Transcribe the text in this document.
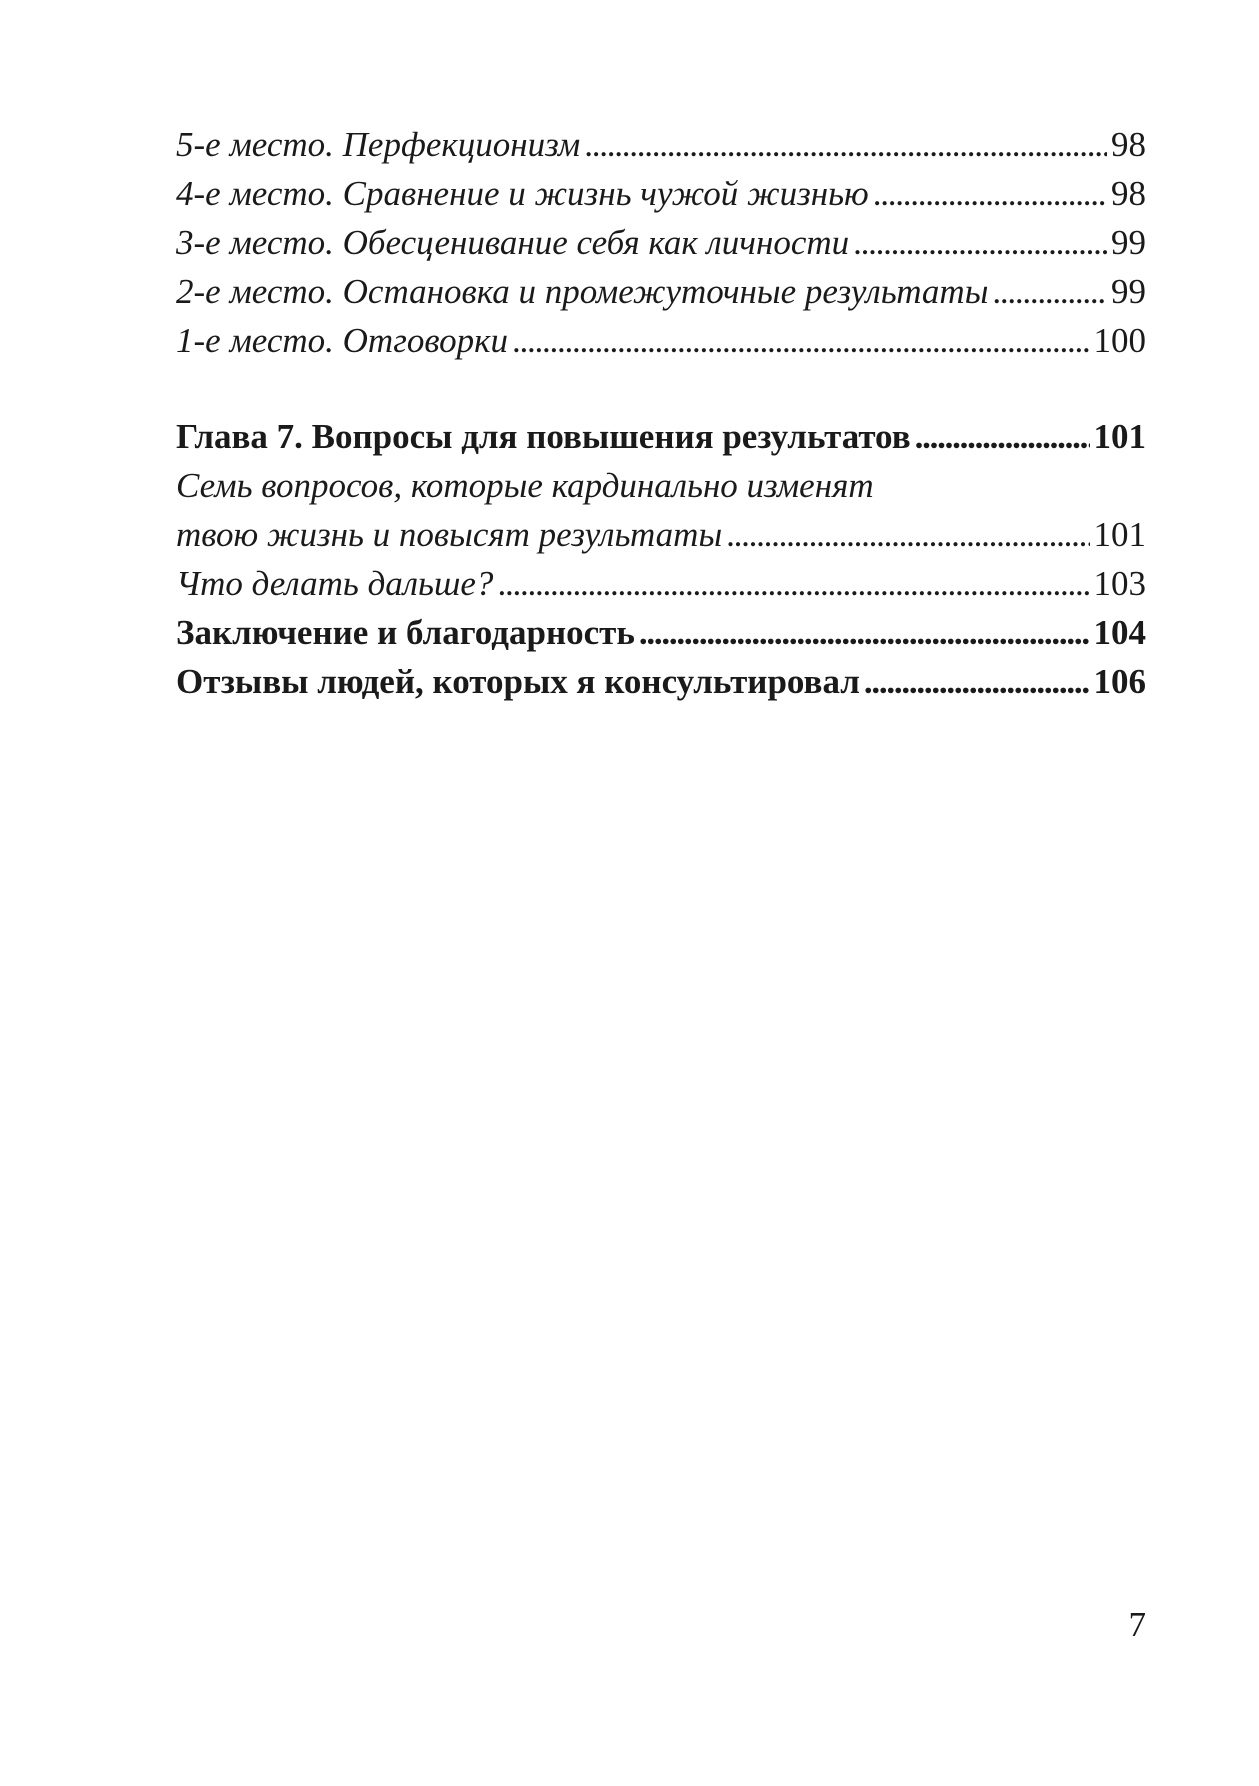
5-е место. Перфекционизм . . .	98
4-е место. Сравнение и жизнь чужой жизнью . . .	98
3-е место. Обесценивание себя как личности . . .	99
2-е место. Остановка и промежуточные результаты . . .	99
1-е место. Отговорки . . .	100
Глава 7. Вопросы для повышения результатов . . .	101
Семь вопросов, которые кардинально изменят
твою жизнь и повысят результаты . . .	101
Что делать дальше? . . .	103
Заключение и благодарность . . .	104
Отзывы людей, которых я консультировал . . .	106
7
